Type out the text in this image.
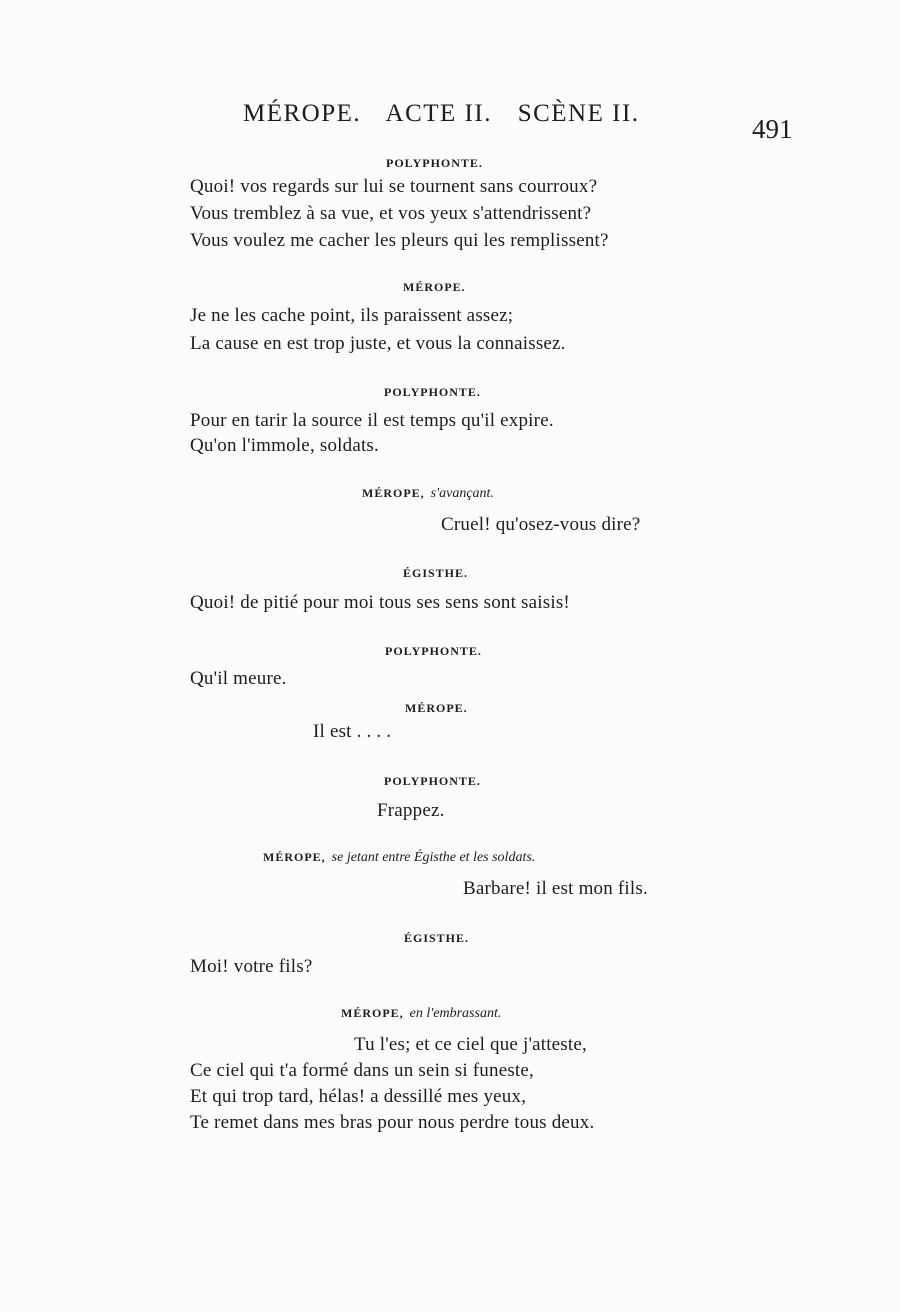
MÉROPE. ACTE II. SCÈNE II.
491
POLYPHONTE.
Quoi! vos regards sur lui se tournent sans courroux?
Vous tremblez à sa vue, et vos yeux s'attendrissent?
Vous voulez me cacher les pleurs qui les remplissent?
MÉROPE.
Je ne les cache point, ils paraissent assez;
La cause en est trop juste, et vous la connaissez.
POLYPHONTE.
Pour en tarir la source il est temps qu'il expire.
Qu'on l'immole, soldats.
MÉROPE, s'avançant.
Cruel! qu'osez-vous dire?
ÉGISTHE.
Quoi! de pitié pour moi tous ses sens sont saisis!
POLYPHONTE.
Qu'il meure.
MÉROPE.
Il est . . . .
POLYPHONTE.
Frappez.
MÉROPE, se jetant entre Égisthe et les soldats.
Barbare! il est mon fils.
ÉGISTHE.
Moi! votre fils?
MÉROPE, en l'embrassant.
Tu l'es; et ce ciel que j'atteste,
Ce ciel qui t'a formé dans un sein si funeste,
Et qui trop tard, hélas! a dessillé mes yeux,
Te remet dans mes bras pour nous perdre tous deux.
